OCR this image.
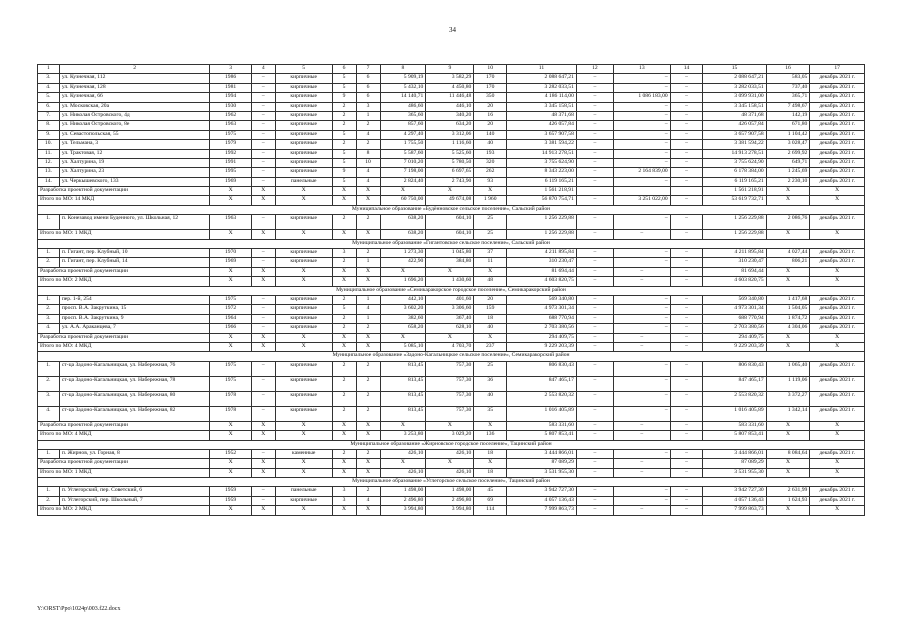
34
1	2	3	4	5	6	7	8	9	10	11	12	13	14	15	16	17
3.	ул. Кузнечная, 112	1986	–	кирпичные	5	6	5 909,19	3 582,29	170	2 088 647,21	–	–	–	2 088 647,21	583,05	декабрь 2021 г.
4.	ул. Кузнечная, 128	1981	–	кирпичные	5	6	5 432,10	4 450,80	170	3 282 033,51	–	–	–	3 282 033,51	737,40	декабрь 2021 г.
5.	ул. Кузнечная, 66	1994	–	кирпичные	9	6	14 140,71	11 446,48	350	4 186 114,00	–	1 086 183,00	–	3 099 931,00	365,71	декабрь 2021 г.
6.	ул. Московская, 20а	1930	–	кирпичные	2	3	486,60	446,10	20	3 345 158,51	–	–	–	3 345 158,51	7 498,67	декабрь 2021 г.
7.	ул. Николая Островского, 4д	1962	–	кирпичные	2	1	365,60	340,20	16	48 371,68	–	–	–	48 371,68	142,19	декабрь 2021 г.
8.	ул. Николая Островского, 8е	1963	–	кирпичные	2	2	857,60	634,20	20	426 057,84	–	–	–	426 057,84	671,80	декабрь 2021 г.
9.	ул. Севастопольская, 55	1975	–	кирпичные	5	4	4 297,40	3 312,06	140	3 657 907,58	–	–	–	3 657 907,58	1 104,42	декабрь 2021 г.
10.	ул. Тельмана, 3	1979	–	кирпичные	2	2	1 755,50	1 116,60	40	3 381 594,22	–	–	–	3 381 594,22	3 028,47	декабрь 2021 г.
11.	ул. Трактовая, 12	1992	–	кирпичные	5	8	5 587,60	5 525,60	193	14 913 278,51	–	–	–	14 913 278,51	2 699,92	декабрь 2021 г.
12.	ул. Халтурина, 19	1991	–	кирпичные	5	10	7 010,20	5 780,50	320	3 755 624,90	–	–	–	3 755 624,90	649,71	декабрь 2021 г.
13.	ул. Халтурина, 23	1995	–	кирпичные	9	4	7 198,00	6 697,65	262	8 343 223,00	–	2 164 839,00	–	6 178 384,00	1 245,69	декабрь 2021 г.
14.	ул. Черкышевского, 133	1969	–	панельные	5	4	2 824,40	2 743,90	93	6 119 165,21	–	–	–	6 119 165,21	2 230,10	декабрь 2021 г.
Разработка проектной документации		X	X	X	X	X	X	X	X	1 561 218,91				1 561 218,91	X	X
Итого по МО: 14 МКД		X	X	X	X	X	60 750,00	49 674,08	1 960	56 870 754,71	–	3 251 022,00	–	53 619 732,71	X	X
Муниципальное образование «Будённовское сельское поселение», Сальский район																
1.	п. Конезавод имени Буденного, ул. Школьная, 12	1963	–	кирпичные	2	2	638,20	604,10	25	1 256 229,88	–	–	–	1 256 229,88	2 086,76	декабрь 2021 г.
Итого по МО: 1 МКД		X	X	X	X	X	638,20	604,10	25	1 256 229,88	–	–	–	1 256 229,88	X	X
Муниципальное образование «Гигантовское сельское поселение», Сальский район																
1.	п. Гигант, пер. Клубный, 10	1970	–	кирпичные	3	2	1 273,30	1 045,80	37	4 211 895,84	–	–	–	4 211 895,84	4 027,44	декабрь 2021 г.
2.	п. Гигант, пер. Клубный, 14	1969	–	кирпичные	2	1	422,90	384,80	11	310 230,47	–	–	–	310 230,47	806,21	декабрь 2021 г.
Разработка проектной документации		X	X	X	X	X	X	X	X	81 694,44	–	–	–	81 694,44	X	X
Итого по МО: 2 МКД		X	X	X	X	X	1 696,20	1 430,60	48	4 603 820,75	–	–	–	4 603 820,75	X	X
Муниципальное образование «Семикаракорское городское поселение», Семикаракорский район																
1.	пер. 1-й, 254	1975	–	кирпичные	2	1	442,10	401,60	20	569 340,80	–	–	–	569 340,80	1 417,68	декабрь 2021 г.
2.	просп. В.А. Закруткина, 15	1972	–	кирпичные	5	4	3 602,20	3 306,60	159	4 973 301,34	–	–	–	4 973 301,34	1 504,05	декабрь 2021 г.
3.	просп. В.А. Закруткина, 9	1964	–	кирпичные	2	1	382,60	367,40	18	688 770,94	–	–	–	688 770,94	1 874,72	декабрь 2021 г.
4.	ул. А.А. Араканцева, 7	1966	–	кирпичные	2	2	658,20	628,10	40	2 703 380,56	–	–	–	2 703 380,56	4 304,06	декабрь 2021 г.
Разработка проектной документации		X	X	X	X	X	X	X	X	294 409,75	–	–	–	294 409,75	X	X
Итого по МО: 4 МКД		X	X	X	X	X	5 085,10	4 703,70	237	9 229 203,39	–	–	–	9 229 203,39	X	X
Муниципальное образование «Задоно-Кагальницкое сельское поселение», Семикаракорский район																
1.	ст-ца Задоно-Кагальницкая, ул. Набережная, 76	1975	–	кирпичные	2	2	813,45	757,30	25	806 830,43	–	–	–	806 830,43	1 065,40	декабрь 2021 г.
2.	ст-ца Задоно-Кагальницкая, ул. Набережная, 78	1975	–	кирпичные	2	2	813,45	757,30	36	847 465,17	–	–	–	847 465,17	1 119,06	декабрь 2021 г.
3.	ст-ца Задоно-Кагальницкая, ул. Набережная, 80	1978	–	кирпичные	2	2	813,45	757,30	40	2 553 820,32	–	–	–	2 553 820,32	3 372,27	декабрь 2021 г.
4.	ст-ца Задоно-Кагальницкая, ул. Набережная, 82	1978	–	кирпичные	2	2	813,45	757,30	35	1 016 405,89	–	–	–	1 016 405,89	1 342,14	декабрь 2021 г.
Разработка проектной документации		X	X	X	X	X	X	X	X	583 331,60	–	–	–	583 331,60	X	X
Итого по МО: 4 МКД		X	X	X	X	X	3 253,80	3 029,20	136	5 807 853,41	–	–	–	5 807 853,41	X	X
Муниципальное образование «Жирновское городское поселение», Тацинский район																
1.	п. Жирнов, ул. Горная, 8	1952	–	каменные	2	2	426,10	426,10	18	3 444 866,01	–	–	–	3 444 866,01	8 084,64	декабрь 2021 г.
Разработка проектной документации		X	X	X	X	X	X	X	X	87 089,29	–	–	–	87 089,29	X	X
Итого по МО: 1 МКД		X	X	X	X	X	426,10	426,10	18	3 531 955,30	–	–	–	3 531 955,30	X	X
Муниципальное образование «Углегорское сельское поселение», Тацинский район																
1.	п. Углегорский, пер. Советский, 6	1959	–	панельные	3	2	1 498,00	1 498,00	45	3 942 727,30	–	–	–	3 942 727,30	2 631,99	декабрь 2021 г.
2.	п. Углегорский, пер. Школьный, 7	1959	–	кирпичные	3	4	2 496,80	2 496,80	69	4 057 136,43	–	–	–	4 057 136,43	1 624,93	декабрь 2021 г.
Итого по МО: 2 МКД		X	X	X	X	X	3 994,80	3 994,80	114	7 999 863,73	–	–	–	7 999 863,73	X	X
Y:\ORST\Ppo\1024p\003.f22.docx
